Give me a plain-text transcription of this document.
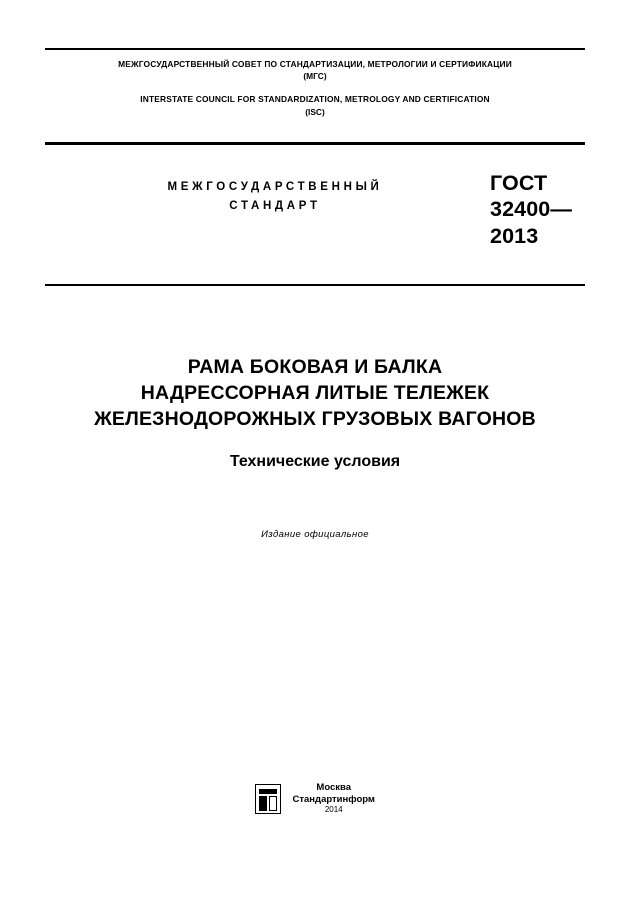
МЕЖГОСУДАРСТВЕННЫЙ СОВЕТ ПО СТАНДАРТИЗАЦИИ, МЕТРОЛОГИИ И СЕРТИФИКАЦИИ
(МГС)
INTERSTATE COUNCIL FOR STANDARDIZATION, METROLOGY AND CERTIFICATION
(ISC)
МЕЖГОСУДАРСТВЕННЫЙ
СТАНДАРТ
ГОСТ
32400—
2013
РАМА БОКОВАЯ И БАЛКА
НАДРЕССОРНАЯ ЛИТЫЕ ТЕЛЕЖЕК
ЖЕЛЕЗНОДОРОЖНЫХ ГРУЗОВЫХ ВАГОНОВ
Технические условия
Издание официальное

Москва
Стандартинформ
2014
